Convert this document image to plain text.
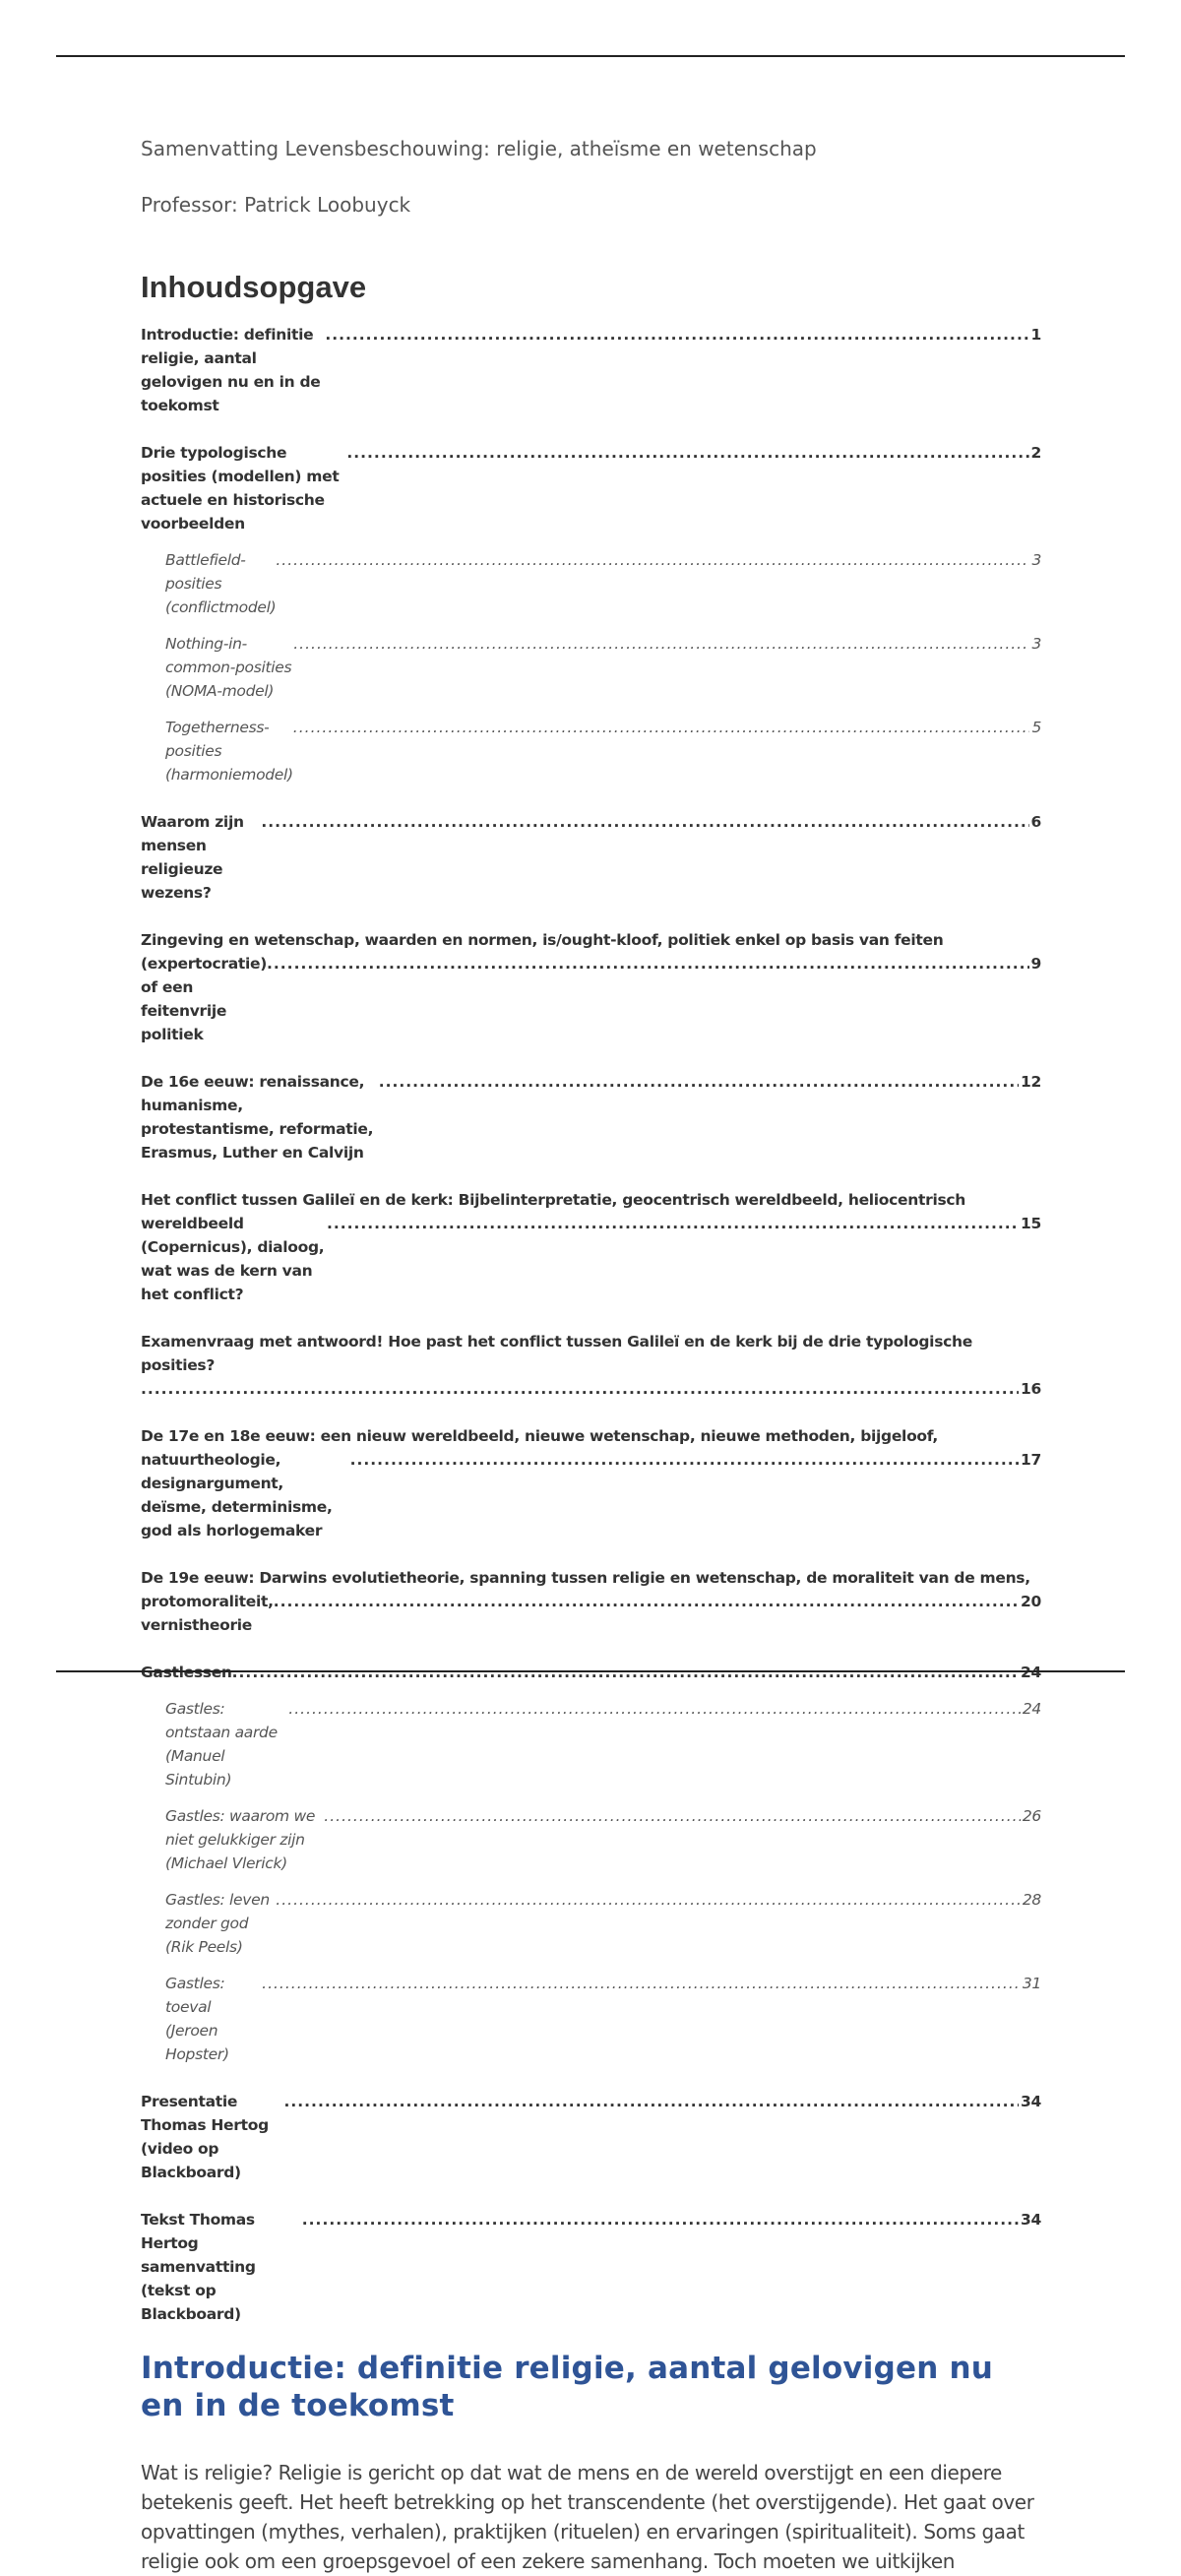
Samenvatting Levensbeschouwing: religie, atheïsme en wetenschap

Professor: Patrick Loobuyck

Inhoudsopgave
Introductie: definitie religie, aantal gelovigen nu en in de toekomst
.....
1
Drie typologische posities (modellen) met actuele en historische voorbeelden
.....
2
Battlefield-posities (conflictmodel)
.....
3
Nothing-in-common-posities (NOMA-model)
.....
3
Togetherness-posities (harmoniemodel)
.....
5
Waarom zijn mensen religieuze wezens?
.....
6
Zingeving en wetenschap, waarden en normen, is/ought-kloof, politiek enkel op basis van feiten
(expertocratie) of een feitenvrije politiek
.....
9
De 16e eeuw: renaissance, humanisme, protestantisme, reformatie, Erasmus, Luther en Calvijn
.....
12
Het conflict tussen Galileï en de kerk: Bijbelinterpretatie, geocentrisch wereldbeeld, heliocentrisch
wereldbeeld (Copernicus), dialoog, wat was de kern van het conflict?
.....
15
Examenvraag met antwoord! Hoe past het conflict tussen Galileï en de kerk bij de drie typologische posities?
.....
16
De 17e en 18e eeuw: een nieuw wereldbeeld, nieuwe wetenschap, nieuwe methoden, bijgeloof,
natuurtheologie, designargument, deïsme, determinisme, god als horlogemaker
.....
17
De 19e eeuw: Darwins evolutietheorie, spanning tussen religie en wetenschap, de moraliteit van de mens,
protomoraliteit, vernistheorie
.....
20
Gastlessen
.....	24
Gastles: ontstaan aarde (Manuel Sintubin)
.....
24
Gastles: waarom we niet gelukkiger zijn (Michael Vlerick)
.....
26
Gastles: leven zonder god (Rik Peels)
.....
28
Gastles: toeval (Jeroen Hopster)
.....
31
Presentatie Thomas Hertog (video op Blackboard)
.....
34
Tekst Thomas Hertog samenvatting (tekst op Blackboard)
.....
34
Introductie: definitie religie, aantal gelovigen nu en in de toekomst

Wat is religie? Religie is gericht op dat wat de mens en de wereld overstijgt en een diepere betekenis geeft. Het heeft betrekking op het transcendente (het overstijgende). Het gaat over opvattingen (mythes, verhalen), praktijken (rituelen) en ervaringen (spiritualiteit). Soms gaat religie ook om een groepsgevoel of een zekere samenhang. Toch moeten we uitkijken
